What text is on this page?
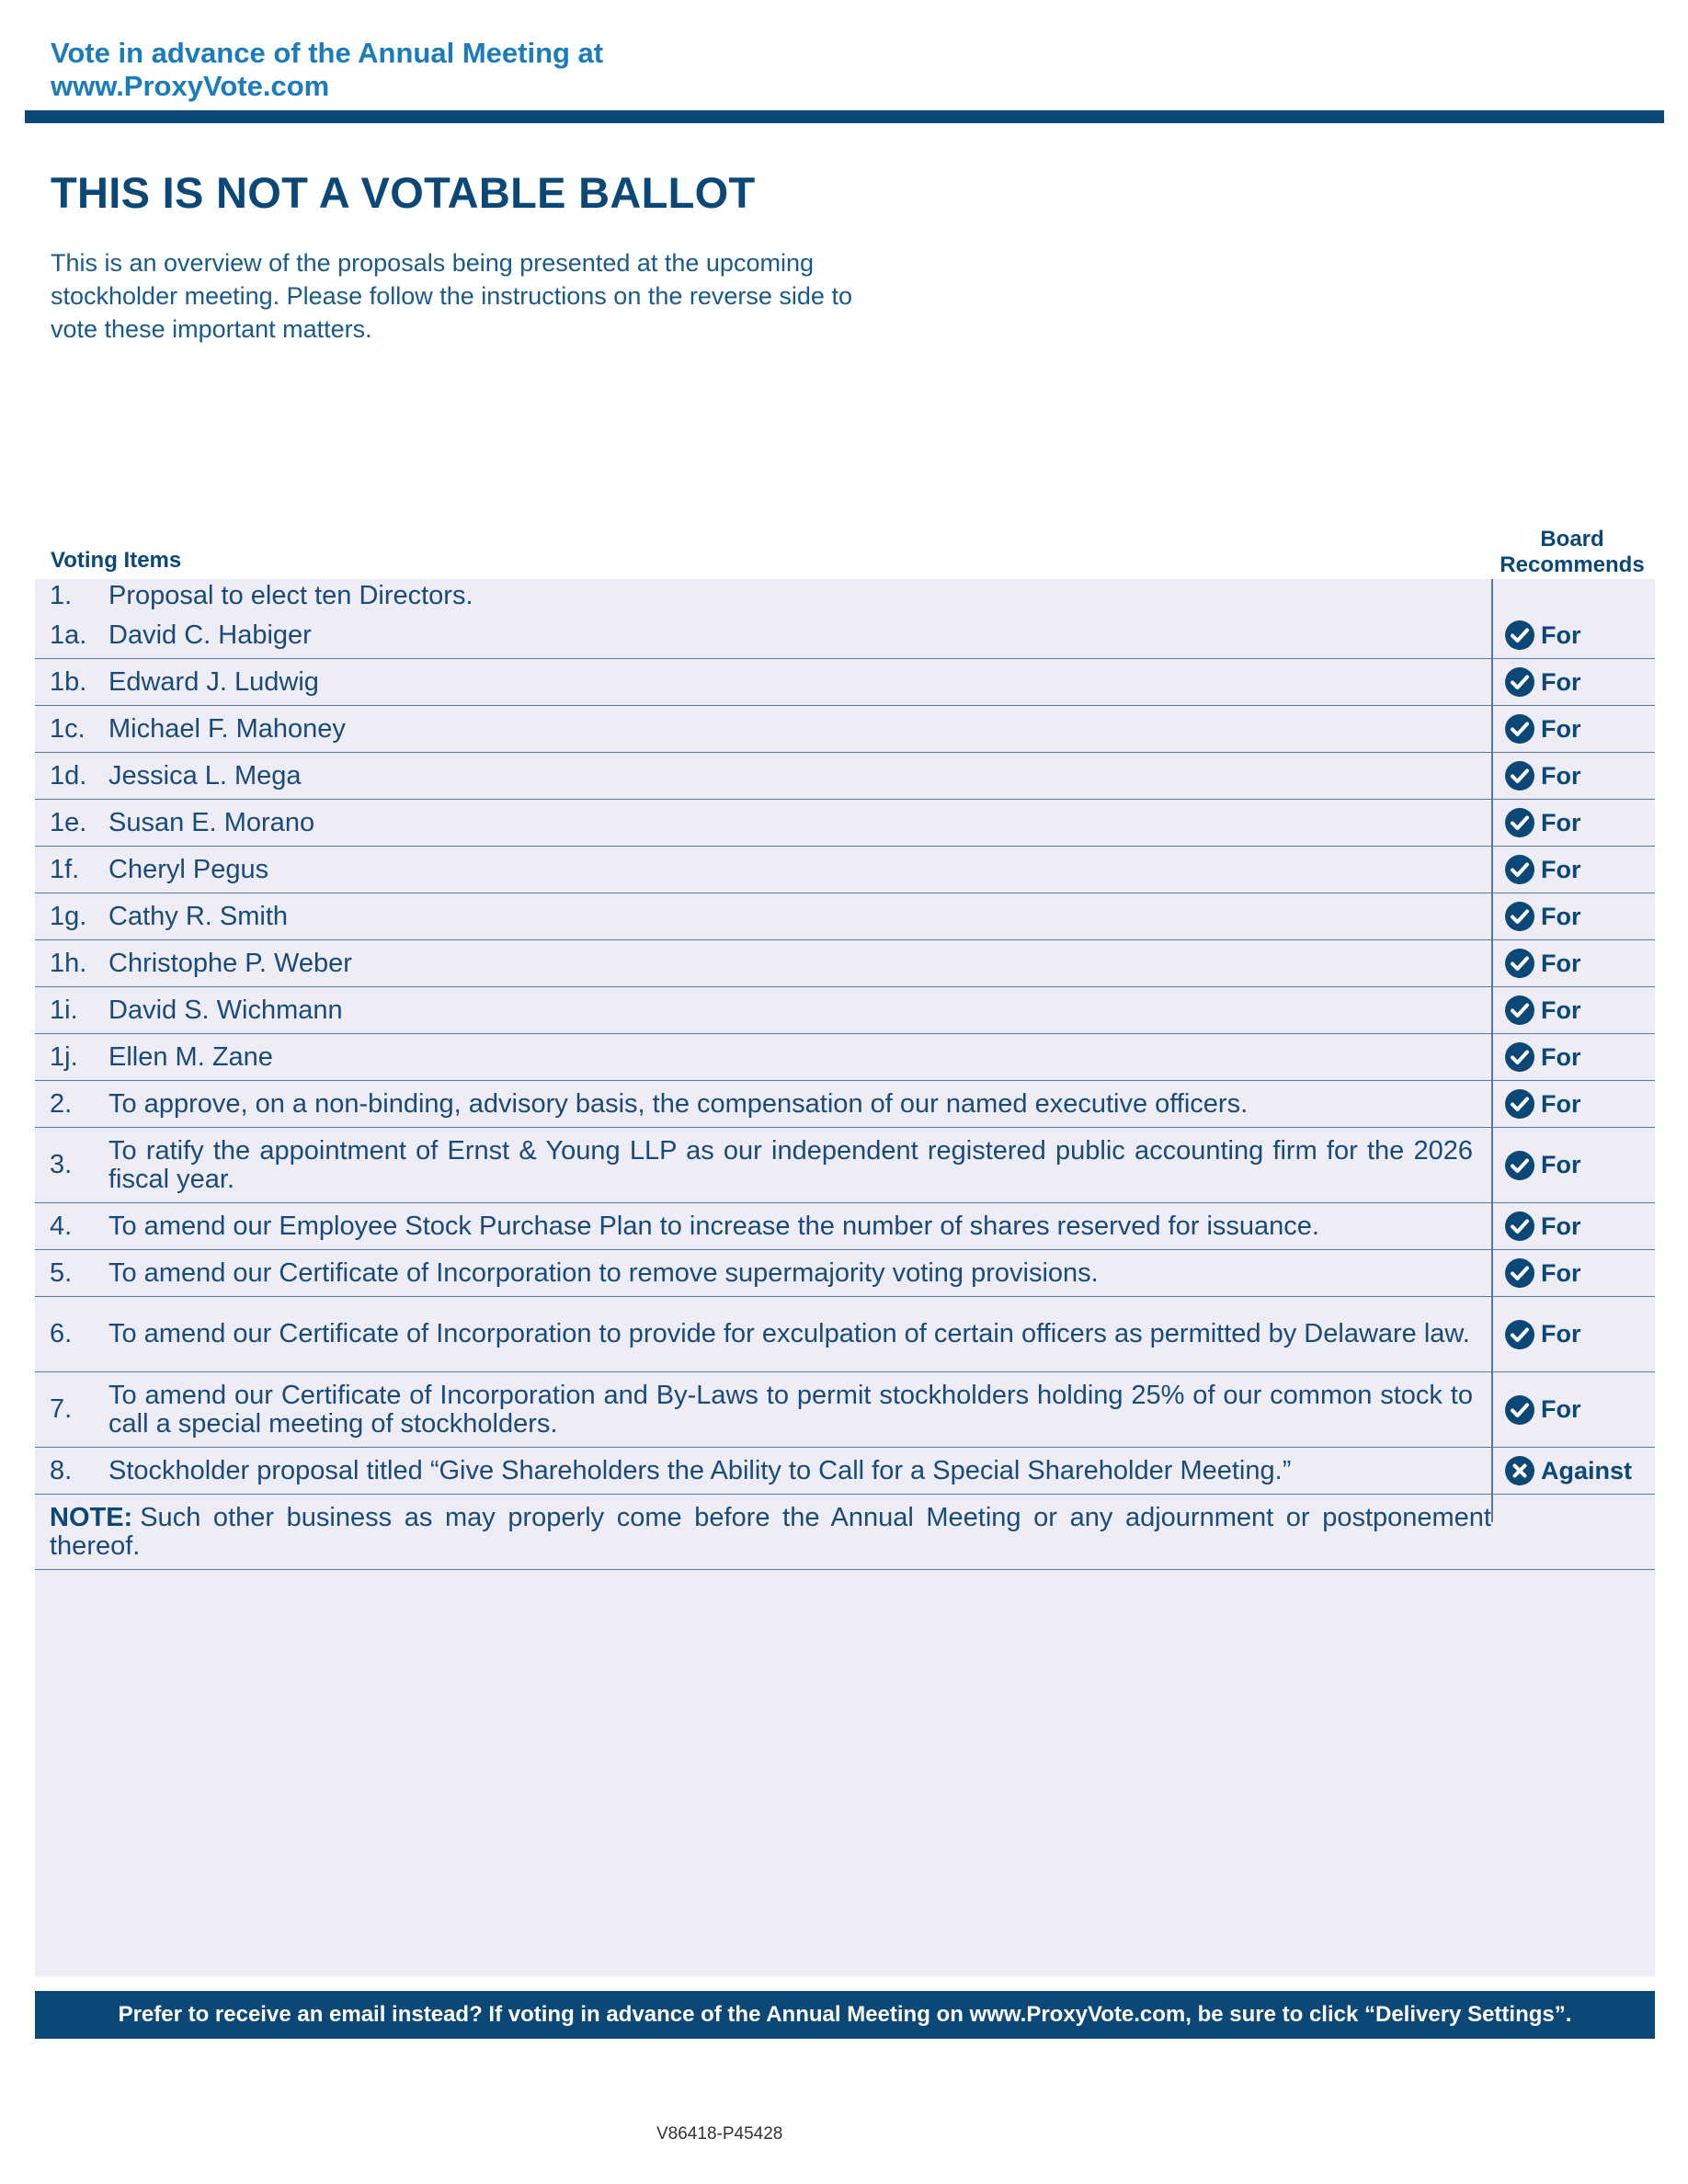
Vote in advance of the Annual Meeting at
www.ProxyVote.com
THIS IS NOT A VOTABLE BALLOT
This is an overview of the proposals being presented at the upcoming stockholder meeting. Please follow the instructions on the reverse side to vote these important matters.
Voting Items
Board
Recommends
1.	Proposal to elect ten Directors.
1a. David C. Habiger	For
1b. Edward J. Ludwig	For
1c. Michael F. Mahoney	For
1d. Jessica L. Mega	For
1e. Susan E. Morano	For
1f.	Cheryl Pegus	For
1g. Cathy R. Smith	For
1h. Christophe P. Weber	For
1i.	David S. Wichmann	For
1j.	Ellen M. Zane	For
2.	To approve, on a non-binding, advisory basis, the compensation of our named executive officers.	For
3.	To ratify the appointment of Ernst & Young LLP as our independent registered public accounting firm for the 2026 fiscal year.	For
4.	To amend our Employee Stock Purchase Plan to increase the number of shares reserved for issuance.	For
5.	To amend our Certificate of Incorporation to remove supermajority voting provisions.	For
6.	To amend our Certificate of Incorporation to provide for exculpation of certain officers as permitted by Delaware law.	For
7.	To amend our Certificate of Incorporation and By-Laws to permit stockholders holding 25% of our common stock to call a special meeting of stockholders.	For
8.	Stockholder proposal titled “Give Shareholders the Ability to Call for a Special Shareholder Meeting.”	Against
NOTE: Such other business as may properly come before the Annual Meeting or any adjournment or postponement thereof.
Prefer to receive an email instead? If voting in advance of the Annual Meeting on www.ProxyVote.com, be sure to click “Delivery Settings”.
V86418-P45428
